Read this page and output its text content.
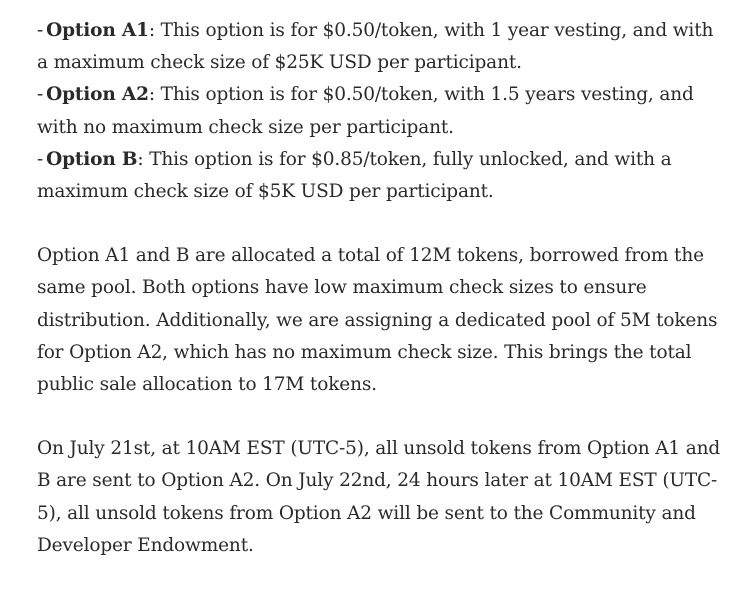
- Option A1: This option is for $0.50/token, with 1 year vesting, and with a maximum check size of $25K USD per participant.

- Option A2: This option is for $0.50/token, with 1.5 years vesting, and with no maximum check size per participant.

- Option B: This option is for $0.85/token, fully unlocked, and with a maximum check size of $5K USD per participant.

Option A1 and B are allocated a total of 12M tokens, borrowed from the same pool. Both options have low maximum check sizes to ensure distribution. Additionally, we are assigning a dedicated pool of 5M tokens for Option A2, which has no maximum check size. This brings the total public sale allocation to 17M tokens.

On July 21st, at 10AM EST (UTC-5), all unsold tokens from Option A1 and B are sent to Option A2. On July 22nd, 24 hours later at 10AM EST (UTC-5), all unsold tokens from Option A2 will be sent to the Community and Developer Endowment.
